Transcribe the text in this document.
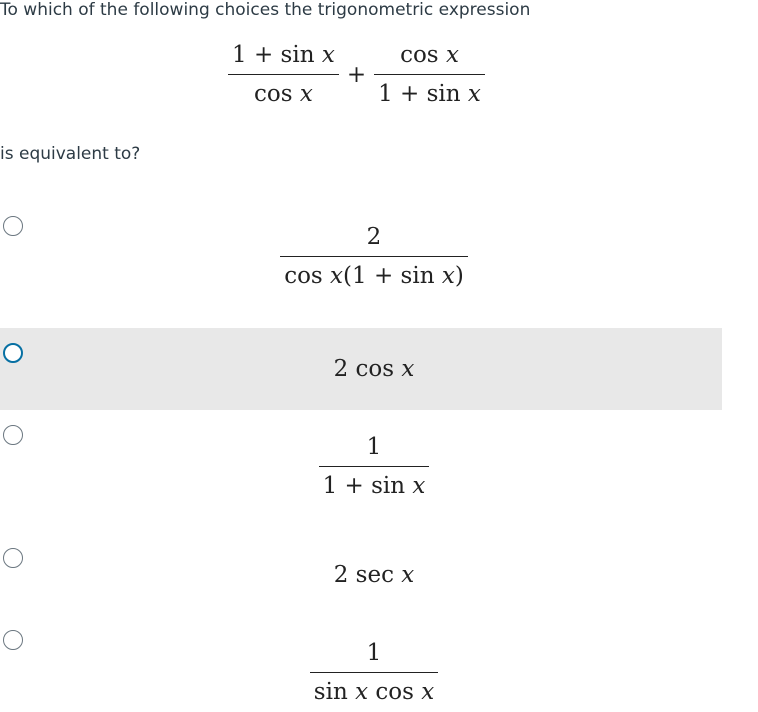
To which of the following choices the trigonometric expression
$\frac{\text{1 + sin x}}{\text{cos x}} + \frac{\text{cos x}}{\text{1 + sin x}}$
is equivalent to?
$\frac{2}{\text{cos x(1 + sin x)}}$
2 cos x
$\frac{1}{\text{1 + sin x}}$
2 sec x
$\frac{1}{\text{sin x cos x}}$
